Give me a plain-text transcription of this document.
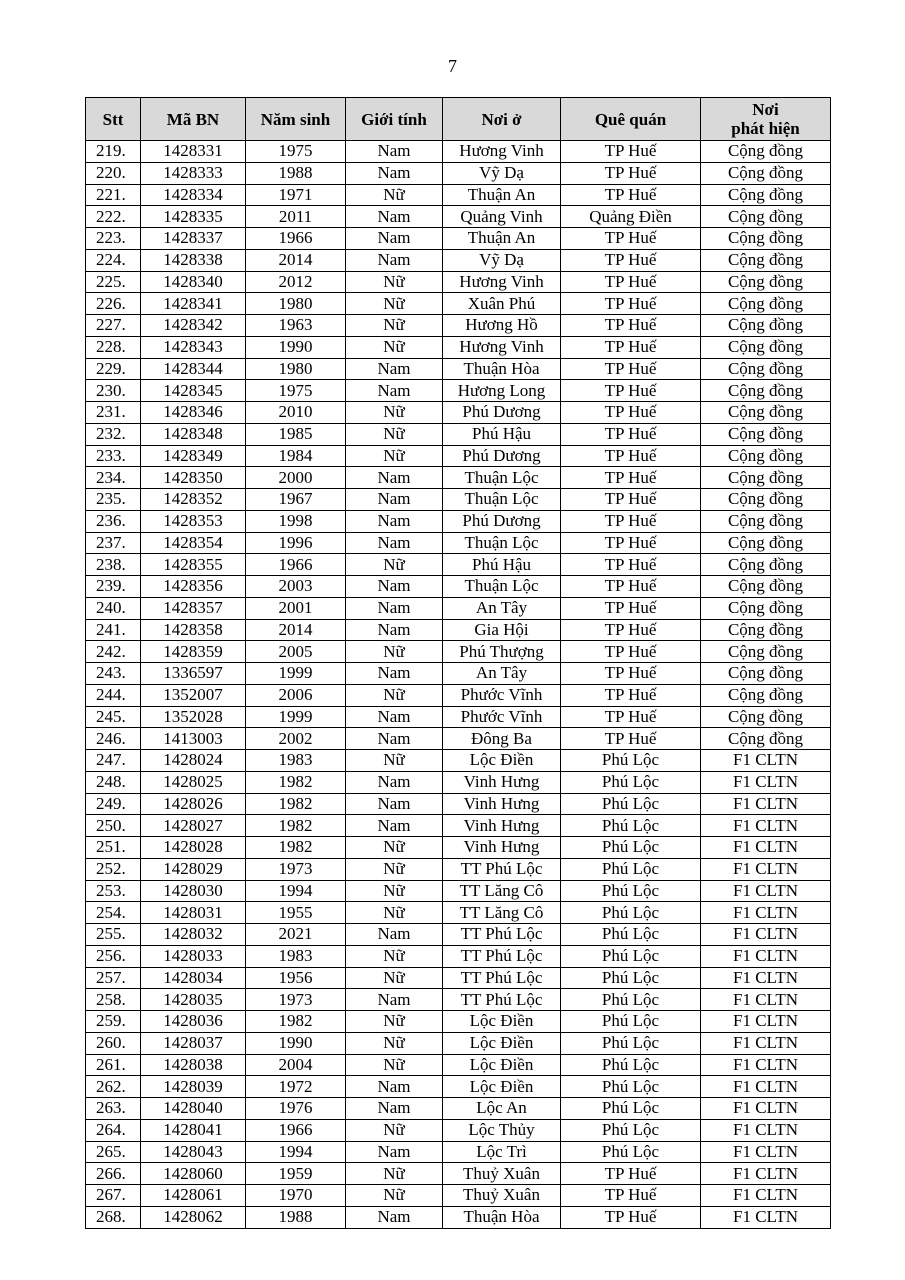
7
Stt	Mã BN	Năm sinh	Giới tính	Nơi ở	Quê quán	Nơi
phát hiện
219.	1428331	1975	Nam	Hương Vinh	TP Huế	Cộng đồng
220.	1428333	1988	Nam	Vỹ Dạ	TP Huế	Cộng đồng
221.	1428334	1971	Nữ	Thuận An	TP Huế	Cộng đồng
222.	1428335	2011	Nam	Quảng Vinh	Quảng Điền	Cộng đồng
223.	1428337	1966	Nam	Thuận An	TP Huế	Cộng đồng
224.	1428338	2014	Nam	Vỹ Dạ	TP Huế	Cộng đồng
225.	1428340	2012	Nữ	Hương Vinh	TP Huế	Cộng đồng
226.	1428341	1980	Nữ	Xuân Phú	TP Huế	Cộng đồng
227.	1428342	1963	Nữ	Hương Hồ	TP Huế	Cộng đồng
228.	1428343	1990	Nữ	Hương Vinh	TP Huế	Cộng đồng
229.	1428344	1980	Nam	Thuận Hòa	TP Huế	Cộng đồng
230.	1428345	1975	Nam	Hương Long	TP Huế	Cộng đồng
231.	1428346	2010	Nữ	Phú Dương	TP Huế	Cộng đồng
232.	1428348	1985	Nữ	Phú Hậu	TP Huế	Cộng đồng
233.	1428349	1984	Nữ	Phú Dương	TP Huế	Cộng đồng
234.	1428350	2000	Nam	Thuận Lộc	TP Huế	Cộng đồng
235.	1428352	1967	Nam	Thuận Lộc	TP Huế	Cộng đồng
236.	1428353	1998	Nam	Phú Dương	TP Huế	Cộng đồng
237.	1428354	1996	Nam	Thuận Lộc	TP Huế	Cộng đồng
238.	1428355	1966	Nữ	Phú Hậu	TP Huế	Cộng đồng
239.	1428356	2003	Nam	Thuận Lộc	TP Huế	Cộng đồng
240.	1428357	2001	Nam	An Tây	TP Huế	Cộng đồng
241.	1428358	2014	Nam	Gia Hội	TP Huế	Cộng đồng
242.	1428359	2005	Nữ	Phú Thượng	TP Huế	Cộng đồng
243.	1336597	1999	Nam	An Tây	TP Huế	Cộng đồng
244.	1352007	2006	Nữ	Phước Vĩnh	TP Huế	Cộng đồng
245.	1352028	1999	Nam	Phước Vĩnh	TP Huế	Cộng đồng
246.	1413003	2002	Nam	Đông Ba	TP Huế	Cộng đồng
247.	1428024	1983	Nữ	Lộc Điền	Phú Lộc	F1 CLTN
248.	1428025	1982	Nam	Vinh Hưng	Phú Lộc	F1 CLTN
249.	1428026	1982	Nam	Vinh Hưng	Phú Lộc	F1 CLTN
250.	1428027	1982	Nam	Vinh Hưng	Phú Lộc	F1 CLTN
251.	1428028	1982	Nữ	Vinh Hưng	Phú Lộc	F1 CLTN
252.	1428029	1973	Nữ	TT Phú Lộc	Phú Lộc	F1 CLTN
253.	1428030	1994	Nữ	TT Lăng Cô	Phú Lộc	F1 CLTN
254.	1428031	1955	Nữ	TT Lăng Cô	Phú Lộc	F1 CLTN
255.	1428032	2021	Nam	TT Phú Lộc	Phú Lộc	F1 CLTN
256.	1428033	1983	Nữ	TT Phú Lộc	Phú Lộc	F1 CLTN
257.	1428034	1956	Nữ	TT Phú Lộc	Phú Lộc	F1 CLTN
258.	1428035	1973	Nam	TT Phú Lộc	Phú Lộc	F1 CLTN
259.	1428036	1982	Nữ	Lộc Điền	Phú Lộc	F1 CLTN
260.	1428037	1990	Nữ	Lộc Điền	Phú Lộc	F1 CLTN
261.	1428038	2004	Nữ	Lộc Điền	Phú Lộc	F1 CLTN
262.	1428039	1972	Nam	Lộc Điền	Phú Lộc	F1 CLTN
263.	1428040	1976	Nam	Lộc An	Phú Lộc	F1 CLTN
264.	1428041	1966	Nữ	Lộc Thủy	Phú Lộc	F1 CLTN
265.	1428043	1994	Nam	Lộc Trì	Phú Lộc	F1 CLTN
266.	1428060	1959	Nữ	Thuỷ Xuân	TP Huế	F1 CLTN
267.	1428061	1970	Nữ	Thuỷ Xuân	TP Huế	F1 CLTN
268.	1428062	1988	Nam	Thuận Hòa	TP Huế	F1 CLTN
